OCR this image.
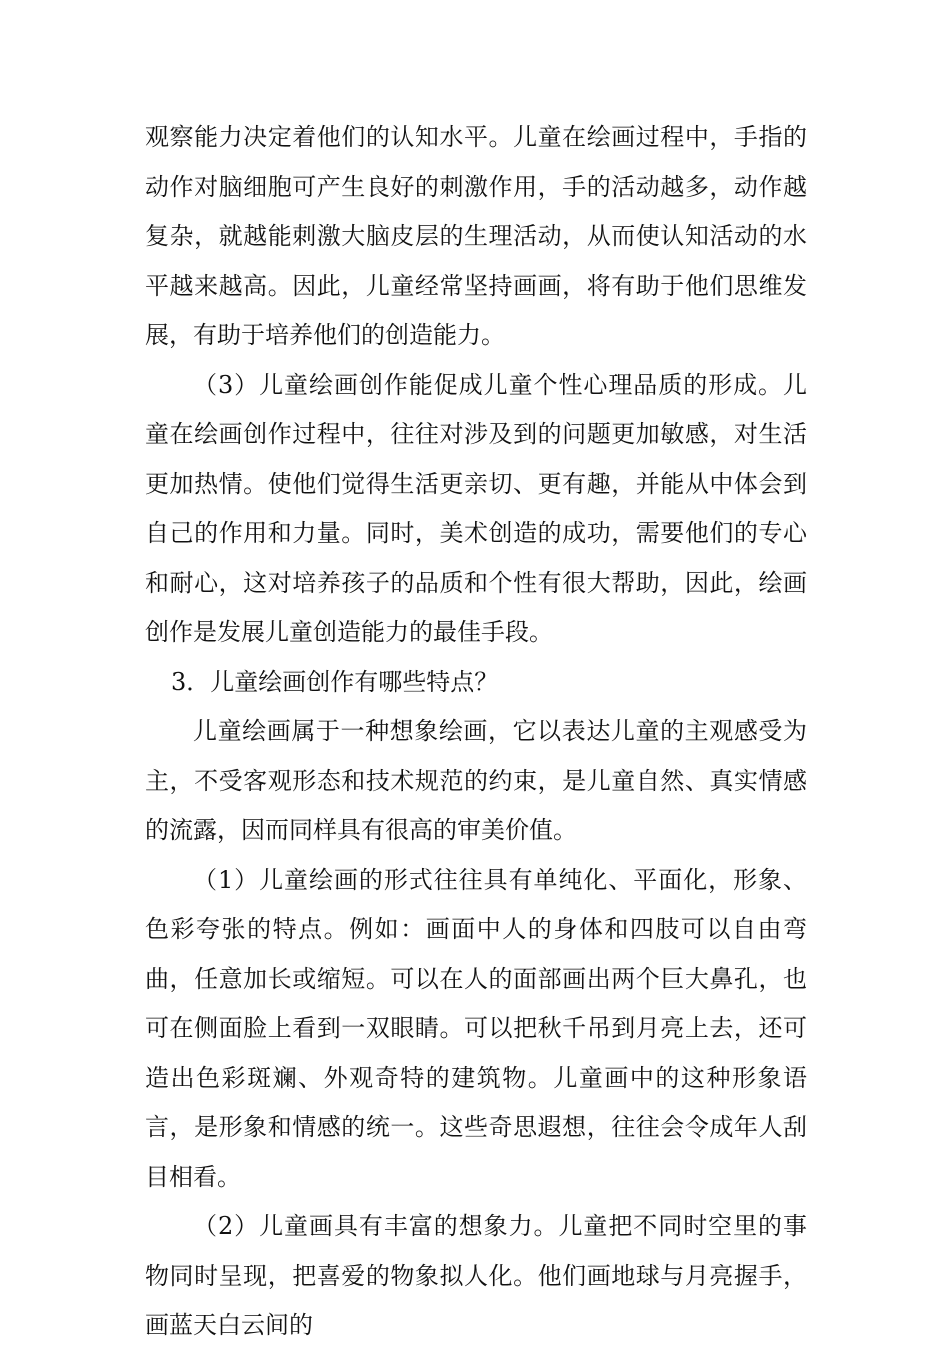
观察能力决定着他们的认知水平。儿童在绘画过程中，手指的动作对脑细胞可产生良好的刺激作用，手的活动越多，动作越复杂，就越能刺激大脑皮层的生理活动，从而使认知活动的水平越来越高。因此，儿童经常坚持画画，将有助于他们思维发展，有助于培养他们的创造能力。

（3）儿童绘画创作能促成儿童个性心理品质的形成。儿童在绘画创作过程中，往往对涉及到的问题更加敏感，对生活更加热情。使他们觉得生活更亲切、更有趣，并能从中体会到自己的作用和力量。同时，美术创造的成功，需要他们的专心和耐心，这对培养孩子的品质和个性有很大帮助，因此，绘画创作是发展儿童创造能力的最佳手段。

3．儿童绘画创作有哪些特点？

儿童绘画属于一种想象绘画，它以表达儿童的主观感受为主，不受客观形态和技术规范的约束，是儿童自然、真实情感的流露，因而同样具有很高的审美价值。

（1）儿童绘画的形式往往具有单纯化、平面化，形象、色彩夸张的特点。例如：画面中人的身体和四肢可以自由弯曲，任意加长或缩短。可以在人的面部画出两个巨大鼻孔，也可在侧面脸上看到一双眼睛。可以把秋千吊到月亮上去，还可造出色彩斑斓、外观奇特的建筑物。儿童画中的这种形象语言，是形象和情感的统一。这些奇思遐想，往往会令成年人刮目相看。

（2）儿童画具有丰富的想象力。儿童把不同时空里的事物同时呈现，把喜爱的物象拟人化。他们画地球与月亮握手，画蓝天白云间的
